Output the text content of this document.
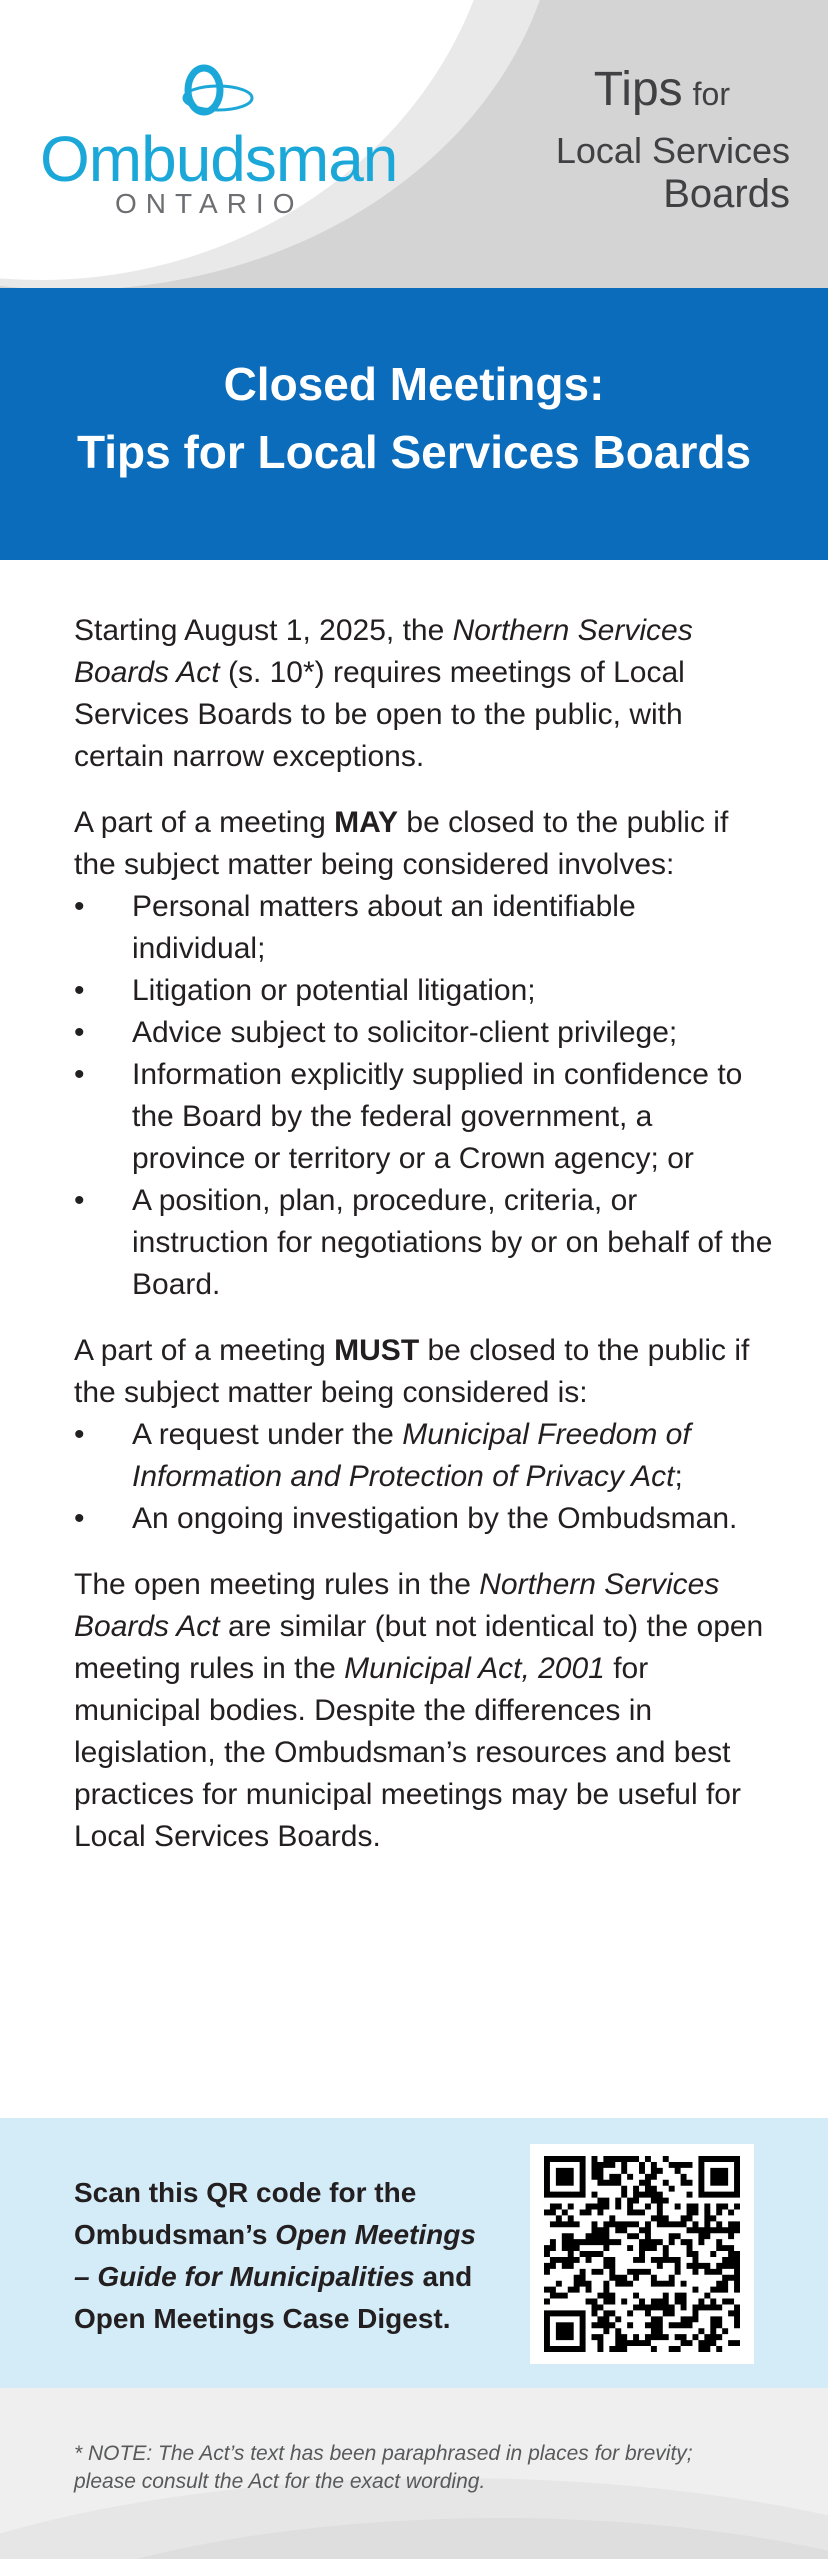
Ombudsman
ONTARIO
Tips for
Local Services
Boards
Closed Meetings:
Tips for Local Services Boards

Starting August 1, 2025, the Northern Services Boards Act (s. 10*) requires meetings of Local Services Boards to be open to the public, with certain narrow exceptions.

A part of a meeting MAY be closed to the public if the subject matter being considered involves:

• Personal matters about an identifiable individual;
• Litigation or potential litigation;
• Advice subject to solicitor-client privilege;
• Information explicitly supplied in confidence to the Board by the federal government, a province or territory or a Crown agency; or
• A position, plan, procedure, criteria, or instruction for negotiations by or on behalf of the Board.

A part of a meeting MUST be closed to the public if the subject matter being considered is:

• A request under the Municipal Freedom of Information and Protection of Privacy Act;
• An ongoing investigation by the Ombudsman.

The open meeting rules in the Northern Services Boards Act are similar (but not identical to) the open meeting rules in the Municipal Act, 2001 for municipal bodies. Despite the differences in legislation, the Ombudsman’s resources and best practices for municipal meetings may be useful for Local Services Boards.

Scan this QR code for the Ombudsman’s Open Meetings – Guide for Municipalities and Open Meetings Case Digest.
* NOTE: The Act’s text has been paraphrased in places for brevity; please consult the Act for the exact wording.
